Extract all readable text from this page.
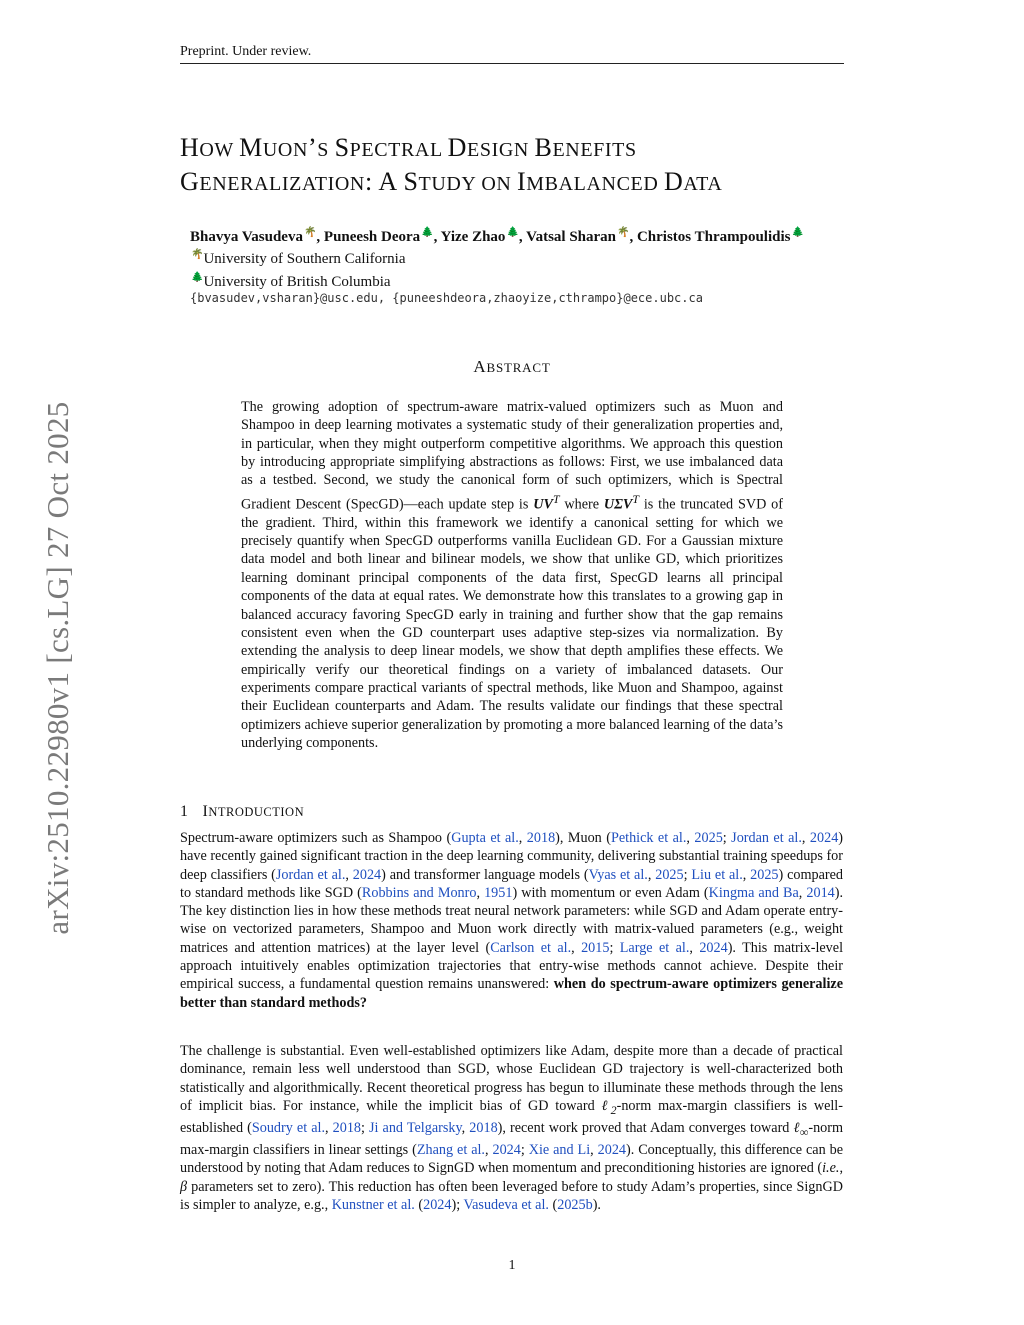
Preprint. Under review.
arXiv:2510.22980v1 [cs.LG] 27 Oct 2025
HOW MUON’S SPECTRAL DESIGN BENEFITS
GENERALIZATION: A STUDY ON IMBALANCED DATA
Bhavya Vasudeva🌴, Puneesh Deora🌲, Yize Zhao🌲, Vatsal Sharan🌴, Christos Thrampoulidis🌲
🌴University of Southern California
🌲University of British Columbia
{bvasudev,vsharan}@usc.edu, {puneeshdeora,zhaoyize,cthrampo}@ece.ubc.ca
ABSTRACT
The growing adoption of spectrum-aware matrix-valued optimizers such as Muon and Shampoo in deep learning motivates a systematic study of their generalization properties and, in particular, when they might outperform competitive algorithms. We approach this question by introducing appropriate simplifying abstractions as follows: First, we use imbalanced data as a testbed. Second, we study the canonical form of such optimizers, which is Spectral Gradient Descent (SpecGD)—each update step is $UV^T$ where $U\Sigma V^T$ is the truncated SVD of the gradient. Third, within this framework we identify a canonical setting for which we precisely quantify when SpecGD outperforms vanilla Euclidean GD. For a Gaussian mixture data model and both linear and bilinear models, we show that unlike GD, which prioritizes learning dominant principal components of the data first, SpecGD learns all principal components of the data at equal rates. We demonstrate how this translates to a growing gap in balanced accuracy favoring SpecGD early in training and further show that the gap remains consistent even when the GD counterpart uses adaptive step-sizes via normalization. By extending the analysis to deep linear models, we show that depth amplifies these effects. We empirically verify our theoretical findings on a variety of imbalanced datasets. Our experiments compare practical variants of spectral methods, like Muon and Shampoo, against their Euclidean counterparts and Adam. The results validate our findings that these spectral optimizers achieve superior generalization by promoting a more balanced learning of the data’s underlying components.
1 INTRODUCTION
Spectrum-aware optimizers such as Shampoo (Gupta et al., 2018), Muon (Pethick et al., 2025; Jordan et al., 2024) have recently gained significant traction in the deep learning community, delivering substantial training speedups for deep classifiers (Jordan et al., 2024) and transformer language models (Vyas et al., 2025; Liu et al., 2025) compared to standard methods like SGD (Robbins and Monro, 1951) with momentum or even Adam (Kingma and Ba, 2014). The key distinction lies in how these methods treat neural network parameters: while SGD and Adam operate entry-wise on vectorized parameters, Shampoo and Muon work directly with matrix-valued parameters (e.g., weight matrices and attention matrices) at the layer level (Carlson et al., 2015; Large et al., 2024). This matrix-level approach intuitively enables optimization trajectories that entry-wise methods cannot achieve. Despite their empirical success, a fundamental question remains unanswered: when do spectrum-aware optimizers generalize better than standard methods?
The challenge is substantial. Even well-established optimizers like Adam, despite more than a decade of practical dominance, remain less well understood than SGD, whose Euclidean GD trajectory is well-characterized both statistically and algorithmically. Recent theoretical progress has begun to illuminate these methods through the lens of implicit bias. For instance, while the implicit bias of GD toward ℓ$_2$-norm max-margin classifiers is well-established (Soudry et al., 2018; Ji and Telgarsky, 2018), recent work proved that Adam converges toward ℓ$_\infty$-norm max-margin classifiers in linear settings (Zhang et al., 2024; Xie and Li, 2024). Conceptually, this difference can be understood by noting that Adam reduces to SignGD when momentum and preconditioning histories are ignored (i.e., β parameters set to zero). This reduction has often been leveraged before to study Adam’s properties, since SignGD is simpler to analyze, e.g., Kunstner et al. (2024); Vasudeva et al. (2025b).
1
